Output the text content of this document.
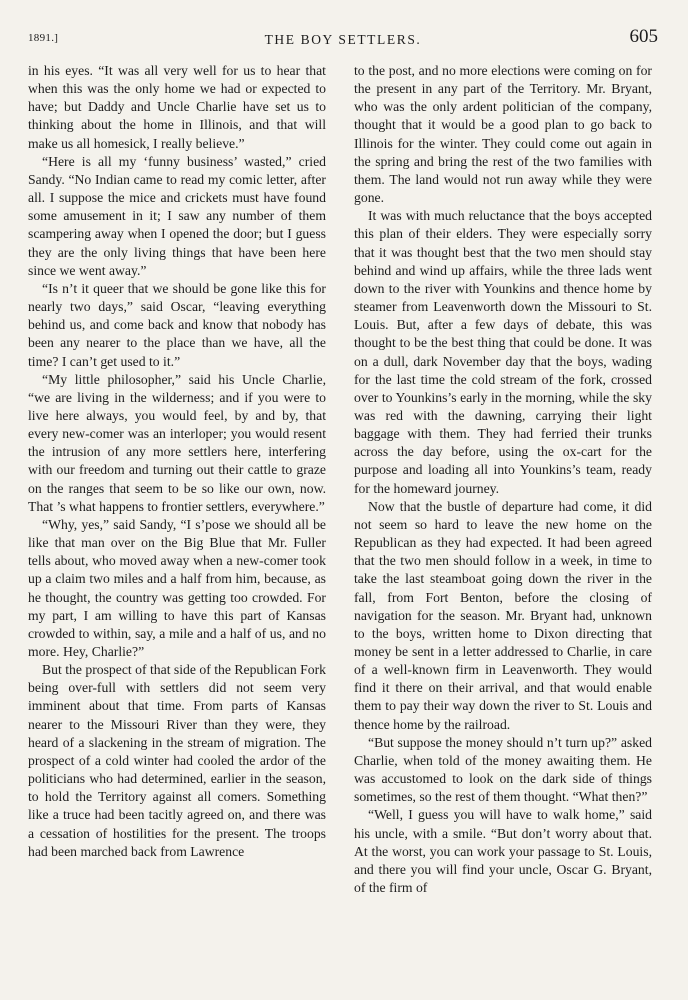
1891.]	THE BOY SETTLERS.	605

in his eyes. “It was all very well for us to hear that when this was the only home we had or expected to have; but Daddy and Uncle Charlie have set us to thinking about the home in Illinois, and that will make us all homesick, I really believe.”

“Here is all my ‘funny business’ wasted,” cried Sandy. “No Indian came to read my comic letter, after all. I suppose the mice and crickets must have found some amusement in it; I saw any number of them scampering away when I opened the door; but I guess they are the only living things that have been here since we went away.”

“Is n’t it queer that we should be gone like this for nearly two days,” said Oscar, “leaving everything behind us, and come back and know that nobody has been any nearer to the place than we have, all the time? I can’t get used to it.”

“My little philosopher,” said his Uncle Charlie, “we are living in the wilderness; and if you were to live here always, you would feel, by and by, that every new-comer was an interloper; you would resent the intrusion of any more settlers here, interfering with our freedom and turning out their cattle to graze on the ranges that seem to be so like our own, now. That ’s what happens to frontier settlers, everywhere.”

“Why, yes,” said Sandy, “I s’pose we should all be like that man over on the Big Blue that Mr. Fuller tells about, who moved away when a new-comer took up a claim two miles and a half from him, because, as he thought, the country was getting too crowded. For my part, I am willing to have this part of Kansas crowded to within, say, a mile and a half of us, and no more. Hey, Charlie?”

But the prospect of that side of the Republican Fork being over-full with settlers did not seem very imminent about that time. From parts of Kansas nearer to the Missouri River than they were, they heard of a slackening in the stream of migration. The prospect of a cold winter had cooled the ardor of the politicians who had determined, earlier in the season, to hold the Territory against all comers. Something like a truce had been tacitly agreed on, and there was a cessation of hostilities for the present. The troops had been marched back from Lawrence

to the post, and no more elections were coming on for the present in any part of the Territory. Mr. Bryant, who was the only ardent politician of the company, thought that it would be a good plan to go back to Illinois for the winter. They could come out again in the spring and bring the rest of the two families with them. The land would not run away while they were gone.

It was with much reluctance that the boys accepted this plan of their elders. They were especially sorry that it was thought best that the two men should stay behind and wind up affairs, while the three lads went down to the river with Younkins and thence home by steamer from Leavenworth down the Missouri to St. Louis. But, after a few days of debate, this was thought to be the best thing that could be done. It was on a dull, dark November day that the boys, wading for the last time the cold stream of the fork, crossed over to Younkins’s early in the morning, while the sky was red with the dawning, carrying their light baggage with them. They had ferried their trunks across the day before, using the ox-cart for the purpose and loading all into Younkins’s team, ready for the homeward journey.

Now that the bustle of departure had come, it did not seem so hard to leave the new home on the Republican as they had expected. It had been agreed that the two men should follow in a week, in time to take the last steamboat going down the river in the fall, from Fort Benton, before the closing of navigation for the season. Mr. Bryant had, unknown to the boys, written home to Dixon directing that money be sent in a letter addressed to Charlie, in care of a well-known firm in Leavenworth. They would find it there on their arrival, and that would enable them to pay their way down the river to St. Louis and thence home by the railroad.

“But suppose the money should n’t turn up?” asked Charlie, when told of the money awaiting them. He was accustomed to look on the dark side of things sometimes, so the rest of them thought. “What then?”

“Well, I guess you will have to walk home,” said his uncle, with a smile. “But don’t worry about that. At the worst, you can work your passage to St. Louis, and there you will find your uncle, Oscar G. Bryant, of the firm of
